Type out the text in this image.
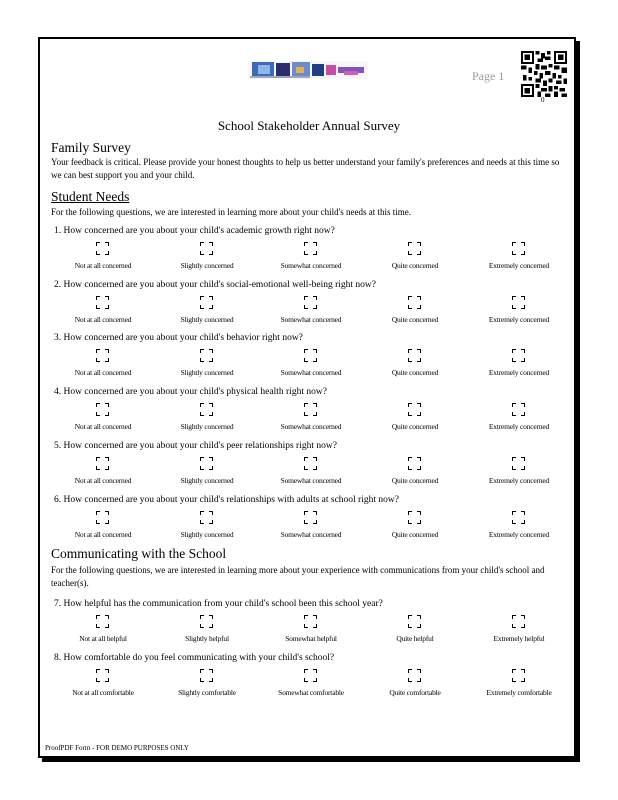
Page 1
0
School Stakeholder Annual Survey
Family Survey
Your feedback is critical. Please provide your honest thoughts to help us better understand your family's preferences and needs at this time so we can best support you and your child.
Student Needs
For the following questions, we are interested in learning more about your child's needs at this time.
1. How concerned are you about your child's academic growth right now?
Not at all concerned	Slightly concerned	Somewhat concerned	Quite concerned	Extremely concerned
2. How concerned are you about your child's social-emotional well-being right now?
Not at all concerned	Slightly concerned	Somewhat concerned	Quite concerned	Extremely concerned
3. How concerned are you about your child's behavior right now?
Not at all concerned	Slightly concerned	Somewhat concerned	Quite concerned	Extremely concerned
4. How concerned are you about your child's physical health right now?
Not at all concerned	Slightly concerned	Somewhat concerned	Quite concerned	Extremely concerned
5. How concerned are you about your child's peer relationships right now?
Not at all concerned	Slightly concerned	Somewhat concerned	Quite concerned	Extremely concerned
6. How concerned are you about your child's relationships with adults at school right now?
Not at all concerned	Slightly concerned	Somewhat concerned	Quite concerned	Extremely concerned
Communicating with the School
For the following questions, we are interested in learning more about your experience with communications from your child's school and teacher(s).
7. How helpful has the communication from your child's school been this school year?
Not at all helpful	Slightly helpful	Somewhat helpful	Quite helpful	Extremely helpful
8. How comfortable do you feel communicating with your child's school?
Not at all comfortable	Slightly comfortable	Somewhat comfortable	Quite comfortable	Extremely comfortable
ProofPDF Form - FOR DEMO PURPOSES ONLY
